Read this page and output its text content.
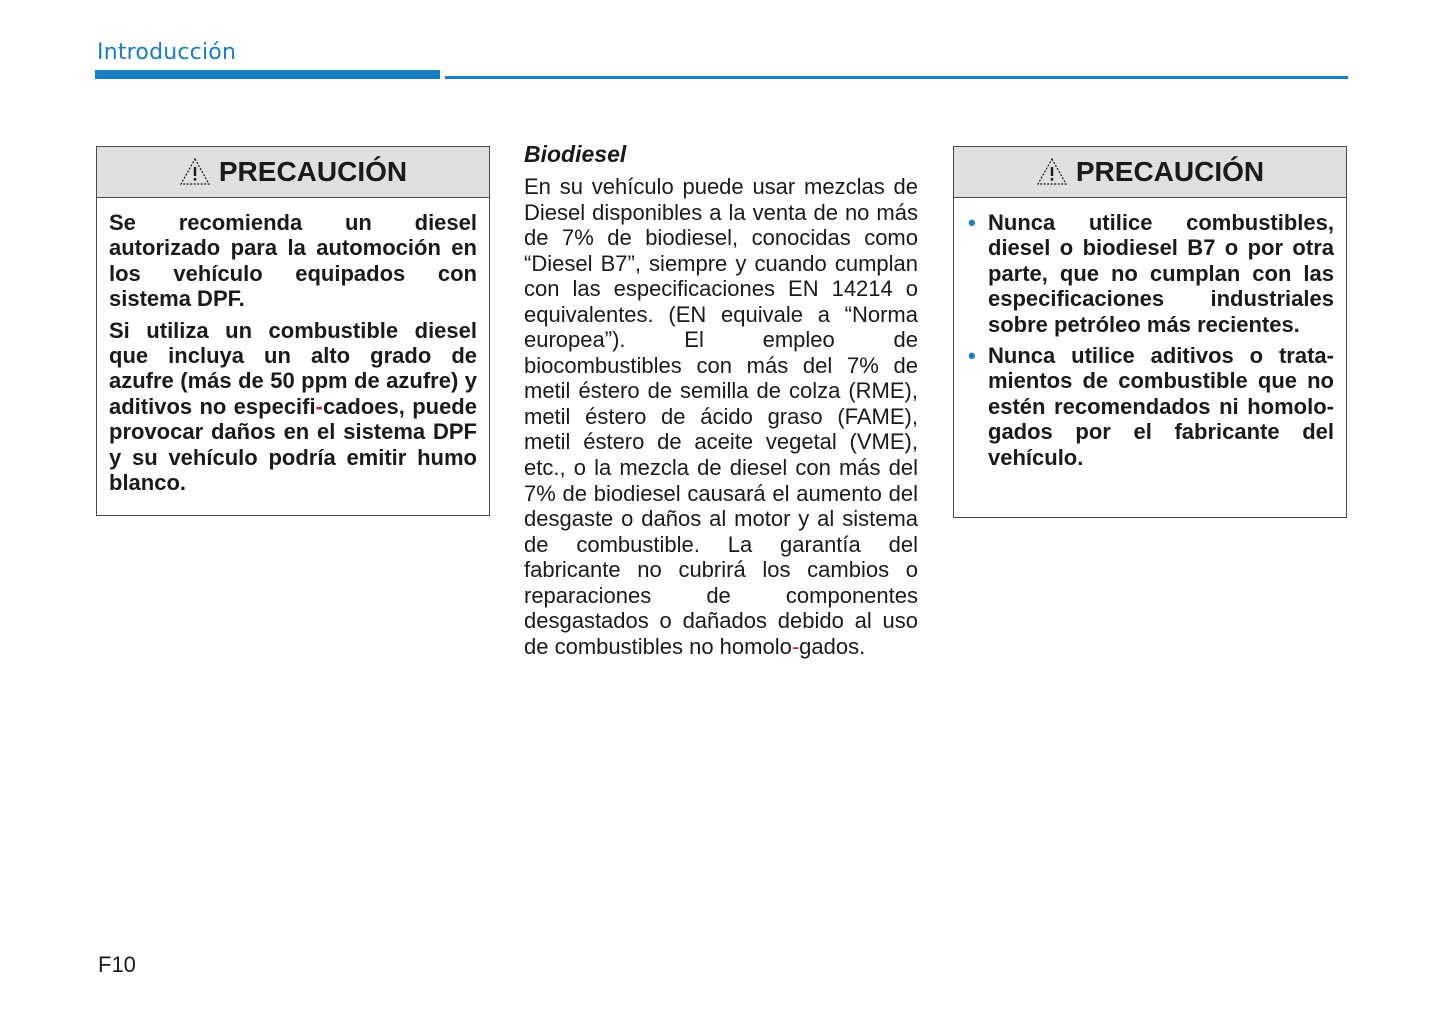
Introducción
PRECAUCIÓN

Se recomienda un diesel autorizado para la automoción en los vehículo equipados con sistema DPF.

Si utiliza un combustible diesel que incluya un alto grado de azufre (más de 50 ppm de azufre) y aditivos no especifi-cadoes, puede provocar daños en el sistema DPF y su vehículo podría emitir humo blanco.

Biodiesel

En su vehículo puede usar mezclas de Diesel disponibles a la venta de no más de 7% de biodiesel, conocidas como “Diesel B7”, siempre y cuando cumplan con las especificaciones EN 14214 o equivalentes. (EN equivale a “Norma europea”). El empleo de biocombustibles con más del 7% de metil éstero de semilla de colza (RME), metil éstero de ácido graso (FAME), metil éstero de aceite vegetal (VME), etc., o la mezcla de diesel con más del 7% de biodiesel causará el aumento del desgaste o daños al motor y al sistema de combustible. La garantía del fabricante no cubrirá los cambios o reparaciones de componentes desgastados o dañados debido al uso de combustibles no homolo-gados.

PRECAUCIÓN
• Nunca utilice combustibles, diesel o biodiesel B7 o por otra parte, que no cumplan con las especificaciones industriales sobre petróleo más recientes.
• Nunca utilice aditivos o trata-mientos de combustible que no estén recomendados ni homolo-gados por el fabricante del vehículo.
F10
